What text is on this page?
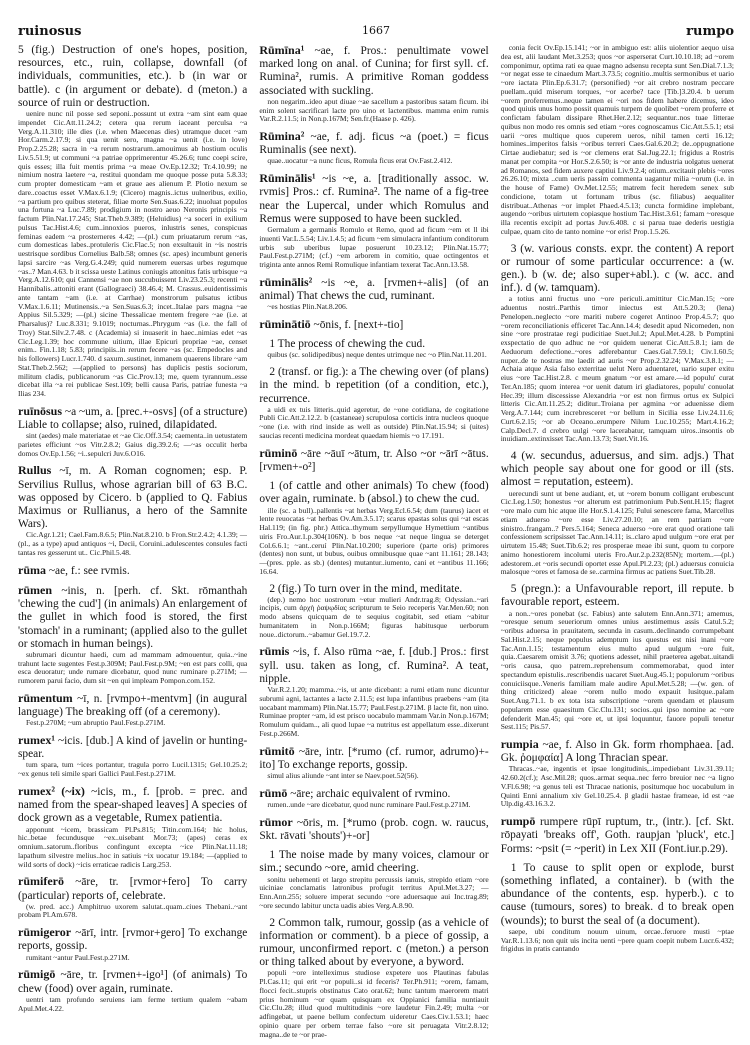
ruinosus	1667	rumpo

5 (fig.) Destruction of one's hopes, position, resources, etc., ruin, collapse, downfall (of individuals, communities, etc.). b (in war or battle). c (in argument or debate). d (meton.) a source of ruin or destruction.

uenire nunc nil posse sed seponi..possunt ut extra ~am sint eam quae impendet Cic.Att.11.24.2; cetera qua rerum iaceant perculsa ~a Verg.A.11.310; ille dies (i.e. when Maecenas dies) utramque ducet ~am Hor.Carm.2.17.9; si qua uenit sero, magna ~a uenit (i.e. in love) Prop.2.25.28; sacra in ~a rerum nostrarum..amouimus ab hostium oculis Liv.5.51.9; ut communi ~a patriae opprimerentur 45.26.6; tunc coepi scire, quis esses; illa fuit mentis prima ~a meae Ov.Ep.12.32; Tr.4.10.99; ne nimium nostra laetere ~a, restitui quondam me quoque posse puta 5.8.33; cum propter domesticam ~am et graue aes alienum P. Plotio nexum se dare..coactus esset V.Max.6.1.9; (Cicero) magnis..ictus uulneribus, exilio, ~a partium pro quibus steterat, filiae morte Sen.Suas.6.22; inuoluat populos una fortuna ~a Luc.7.89; prodigium in nostro aeuo Neronis principis ~a factum Plin.Nat.17.245; Stat.Theb.9.389; (Heluidius) ~a soceri in exilium pulsus Tac.Hist.4.6; cum..innoxios pueros, inlustris senes, conspicuas feminas eadem ~a prosterneres 4.42; —(pl.) cum priuatarum rerum ~as, cum domesticas labes..protuleris Cic.Flac.5; non exsultauit in ~is nostris uestrisque sordibus Cornelius Balb.58; omnes (sc. apes) incumbunt generis lapsi sarcire ~as Verg.G.4.249; quid numerem euersas urbes regumque ~as..? Man.4.63. b it scissa ueste Latinus coniugis attonitus fatis urbisque ~a Verg.A.12.610; qui Cannensi ~ae non succubuissent Liv.23.25.3; recenti ~a Hannibalis..attoniti erant (Gallograeci) 38.46.4; M. Crassus..euidentissimis ante tantam ~am (i.e. at Carrhae) monstrorum pulsatus ictibus V.Max.1.6.11; Mutinensis..~a Sen.Suas.6.3; incet..Italae pars magna ~ae Appius Sil.5.329; —(pl.) sicine Thessalicae mentem fregere ~ae (i.e. at Pharsalus)? Luc.8.331; 9.1019; nocturnas..Phrygum ~as (i.e. the fall of Troy) Stat.Silv.2.7.48. c (Academia) si inuaserit in haec..nimias edet ~as Cic.Leg.1.39; hoc commune uitium, illae Epicuri propriae ~ae, censet enim.. Fin.1.18; 5.83; principiis..in rerum fecere ~as (sc. Empedocles and his followers) Lucr.1.740. d saxum..sustinet, inmanem quaerens librare ~am Stat.Theb.2.562; —(applied to persons) has duplicis pestis sociorum, militum cladis, publicanorum ~as Cic.Prov.13; me, quem tyrannum..esse dicebat illa ~a rei publicae Sest.109; belli causa Paris, patriae funesta ~a Ilias 234.

ruīnōsus ~a ~um, a. [prec.+-osvs] (of a structure) Liable to collapse; also, ruined, dilapidated.

sint (aedes) male materiatae et ~ae Cic.Off.3.54; caementa..in uetustatem parietes efficiunt ~os Vitr.2.8.2; Gaius dig.39.2.6; —~as occulit herba domos Ov.Ep.1.56; ~i..sepulcri Juv.6.O16.

Rullus ~ī, m. A Roman cognomen; esp. P. Servilius Rullus, whose agrarian bill of 63 B.C. was opposed by Cicero. b (applied to Q. Fabius Maximus or Rullianus, a hero of the Samnite Wars).

Cic.Agr.1.21; Cael.Fam.8.6.5; Plin.Nat.8.210. b Fron.Str.2.4.2; 4.1.39; —(pl., as a type) apud antiquos ~i, Decii, Coruini..adulescentes consules facti tantas res gesserunt ut.. Cic.Phil.5.48.

rūma ~ae, f.: see rvmis.

rūmen ~inis, n. [perh. cf. Skt. rōmanthah 'chewing the cud'] (in animals) An enlargement of the gullet in which food is stored, the first 'stomach' in a ruminant; (applied also to the gullet or stomach in human beings).

subrumari dicuntur haedi, cum ad mammam admouentur, quia..~ine trahunt lacte sugentes Fest.p.309M; Paul.Fest.p.9M; ~en est pars colli, qua esca deuoratur; unde rumare dicebatur, quod nunc ruminare p.271M; —rumorem parui facio, dum sit ~en qui impleam Pompon.com.152.

rūmentum ~ī, n. [rvmpo+-mentvm] (in augural language) The breaking off (of a ceremony).

Fest.p.270M; ~um abruptio Paul.Fest.p.271M.

rumex¹ ~icis. [dub.] A kind of javelin or hunting-spear.

tum spara, tum ~ices portantur, tragula porro Lucil.1315; Gel.10.25.2; ~ex genus teli simile spari Gallici Paul.Fest.p.271M.

rumex² (~ix) ~icis, m., f. [prob. = prec. and named from the spear-shaped leaves] A species of dock grown as a vegetable, Rumex patientia.

apponunt ~icem, brassicam Pl.Ps.815; Titin.com.164; hic holus, hic..betae fecundusque ~ex..uisebant Mor.73; (apes) ceras ex omnium..satorum..floribus confingunt excepta ~ice Plin.Nat.11.18; lapathum silvestre melius..hoc in satiuis ~ix uocatur 19.184; —(applied to wild sorts of dock) ~icis erraticae radicis Larg.253.

rūmiferō ~āre, tr. [rvmor+fero] To carry (particular) reports of, celebrate.

(w. pred. acc.) Amphitruo uxorem salutat..quam..ciues Thebani..~ant probam Pl.Am.678.

rūmigeror ~ārī, intr. [rvmor+gero] To exchange reports, gossip.

rumitant ~antur Paul.Fest.p.271M.

rūmigō ~āre, tr. [rvmen+-igo¹] (of animals) To chew (food) over again, ruminate.

uentri tam profundo seruiens iam ferme tertium qualem ~abam Apul.Met.4.22.

Rūmīna¹ ~ae, f. Pros.: penultimate vowel marked long on anal. of Cunina; for first syll. cf. Rumina², rumis. A primitive Roman goddess associated with suckling.

non negarim..ideo aput diuae ~ae sacellum a pastoribus satam ficum. ibi enim solent sacrificari lacte pro uino et lactentibus. mamma enim rumis Var.R.2.11.5; in Non.p.167M; Sen.fr.(Haase p. 426).

Rūmina² ~ae, f. adj. ficus ~a (poet.) = ficus Ruminalis (see next).

quae..uocatur ~a nunc ficus, Romula ficus erat Ov.Fast.2.412.

Rūminālis¹ ~is ~e, a. [traditionally assoc. w. rvmis] Pros.: cf. Rumina². The name of a fig-tree near the Lupercal, under which Romulus and Remus were supposed to have been suckled.

Germalum a germanis Romulo et Remo, quod ad ficum ~em et ll ibi inuenti Var.L.5.54; Liv.1.4.5; ad ficum ~em simulacra infantium conditorum urbis sub uberibus lupae posuerunt 10.23.12; Plin.Nat.15.77; Paul.Fest.p.271M; (cf.) ~em arborem in comitio, quae octingentos et triginta ante annos Remi Romulique infantiam texerat Tac.Ann.13.58.

rūminālis² ~is ~e, a. [rvmen+-alis] (of an animal) That chews the cud, ruminant.

~es hostias Plin.Nat.8.206.

rūminātiō ~ōnis, f. [next+-tio]

1 The process of chewing the cud.

quibus (sc. solidipedibus) neque dentes utrimque nec ~o Plin.Nat.11.201.

2 (transf. or fig.): a The chewing over (of plans) in the mind. b repetition (of a condition, etc.), recurrence.

a uidi ex tuis litteris..quid ageretur, de ~one cotidiana, de cogitatione Publi Cic.Att.2.12.2. b (castaneae) scrupulosa corticis intra nucleos quoque ~one (i.e. with rind inside as well as outside) Plin.Nat.15.94; si (uites) saucias recenti medicina mordeat quaedam hiemis ~o 17.191.

rūminō ~āre ~āuī ~ātum, tr. Also ~or ~ārī ~ātus. [rvmen+-o²]

1 (of cattle and other animals) To chew (food) over again, ruminate. b (absol.) to chew the cud.

ille (sc. a bull)..pallentis ~at herbas Verg.Ecl.6.54; dum (taurus) iacet et lente reuocatas ~at herbas Ov.Am.3.5.17; scarus epastas solus qui ~at escas Hal.119; (in fig. phr.) Attica..thymum serpyllumque Hymettium ~antibus uiris Fro.Aur.1.p.304(106N). b bos neque ~at neque lingua se deterget Col.6.6.1; ~ant..ceruí Plin.Nat.10.200; superiore (parte oris) primores (dentes) non sunt, ut bubus, ouibus omnibusque quae ~ant 11.161; 28.143; —(pres. pple. as sb.) (dentes) mutantur..iumento, cani et ~antibus 11.166; 16.64.

2 (fig.) To turn over in the mind, meditate.

(dep.) nemo hoc uostrorum ~etur mulieri Andr.trag.8; Odyssian..~ari incipis, cum ἀρχὴ ῥαψῳδίας scripturum te Seio receperis Var.Men.60; non modo absens quicquam de te sequius cogitabit, sed etiam ~abitur humanitatem in Non.p.166M; figuras habitusque uerborum noue..dictorum..~abamur Gel.19.7.2.

rūmis ~is, f. Also rūma ~ae, f. [dub.] Pros.: first syll. usu. taken as long, cf. Rumina². A teat, nipple.

Var.R.2.1.20; mamma..~is, ut ante dicebant: a rumi etiam nunc dicuntur subrumi agni, lactantes a lacte 2.11.5; est lupa infantibus praebens ~am (ita uocabant mammam) Plin.Nat.15.77; Paul.Fest.p.271M. β lacte fit, non uino. Ruminae propter ~am, id est prisco uocabulo mammam Var.in Non.p.167M; Romulum quidam.., ali quod lupae ~a nutritus est appellatum esse..dixerunt Fest.p.266M.

rūmitō ~āre, intr. [*rumo (cf. rumor, adrumo)+-ito] To exchange reports, gossip.

simul alius aliunde ~ant inter se Naev.poet.52(56).

rūmō ~āre; archaic equivalent of rvmino.

rumen..unde ~are dicebatur, quod nunc ruminare Paul.Fest.p.271M.

rūmor ~ōris, m. [*rumo (prob. cogn. w. raucus, Skt. rāvati 'shouts')+-or]

1 The noise made by many voices, clamour or sim.; secundo ~ore, amid cheering.

sonitu uehementi et largo strepitu percussis ianuis, strepido etiam ~ore uiciniae conclamatis latronibus profugit territus Apul.Met.3.27; —Enn.Ann.255; soluere imperat secundo ~ore aduersaque aui Inc.trag.89; ~ore secundo labitur uncta uadis abies Verg.A.8.90.

2 Common talk, rumour, gossip (as a vehicle of information or comment). b a piece of gossip, a rumour, unconfirmed report. c (meton.) a person or thing talked about by everyone, a byword.

populi ~ore intelleximus studiose expetere uos Plautinas fabulas Pl.Cas.11; qui erit ~or populi..si id feceris? Ter.Ph.911; ~orem, famam, flocci fecit..stupris obstinatus Cato orat.62; hunc tantum maerorem matri prius hominum ~or quam quisquam ex Oppianici familia nuntiauit Cic.Clu.28; illud quod multitudinis ~ore laudetur Fin.2.49; multa ~or adfingebat, ut paene bellum confectum uideretur Caes.Civ.1.53.1; haec opinio quare per orbem terrae falso ~ore sit peruagata Vitr.2.8.12; magna..de te ~or prae-

conia fecit Ov.Ep.15.141; ~or in ambiguo est: aliis uiolentior aequo uisa dea est, alii laudant Met.3.253; quos ~or asperserat Curt.10.10.18; ad ~orem componimur, optima rati ea quae magno adsensu recepta sunt Sen.Dial.7.1.3; ~or negat esse te cinaedum Mart.3.73.5; cognitio..multis sermonibus et uario ~ore iactata Plin.Ep.6.31.7; (personified) ~or ait crebro nostram peccare puellam..quid miserum torques, ~or acerbe? tace [Tib.]3.20.4. b uerum ~orem proferremus..neque tamen ei ~ori nos fidem habere dicemus, ideo quod quiuis unus homo possit quamuis turpem de quolibet ~orem proferre et confictam fabulam dissipare Rhet.Her.2.12; sequantur..nos tuae litterae quibus non modo res omnis sed etiam ~ores cognoscamus Cic.Att.5.5.1; etsi uarii ~ores multique quos cuperem ueros, nihil tamen certi 16.12; homines..imperitos falsis ~oribus terreri Caes.Gal.6.20.2; de..oppugnatione Cirtae audiebatur; sed is ~or clemens erat Sal.Jug.22.1; frigidus a Rostris manat per compita ~or Hor.S.2.6.50; is ~or ante de industria uolgatus uenerat ad Romanos, sed fidem auxere captiui Liv.9.2.4; otium..excitauit plebis ~ores 26.26.10; mixta ..cum ueris passim commenta uagantur milia ~orum (i.e. in the house of Fame) Ov.Met.12.55; matrem fecit heredem senex sub condicione, totam ut fortunam tribus (sc. filiabus) aequaliter distribuat..Athenas ~or implet Phaed.4.5.13; cuncta formidine implebant, augendo ~oribus uirtutem copiasque hostium Tac.Hist.3.61; famam ~oresque illa recentis excipit ad portas Juv.6.408. c si parua tuae dederis uestigia culpae, quam cito de tanto nomine ~or eris! Prop.1.5.26.

3 (w. various consts. expr. the content) A report or rumour of some particular occurrence: a (w. gen.). b (w. de; also super+abl.). c (w. acc. and inf.). d (w. tamquam).

a totius anni fructus uno ~ore periculi..amittitur Cic.Man.15; ~ore aduentus nostri..Parthis timor iniectus est Att.5.20.3; (lena) Penelopen..neglecto ~ore mariti nubere cogeret Antinoo Prop.4.5.7; quo ~orem reconciliationis efficeret Tac.Ann.14.4; desedit apud Nicomeden, non sine ~ore prostratae regi pudicitiae Suet.Jul.2; Apul.Met.4.28. b Pomptini exspectatio de quo adhuc ne ~or quidem uenerat Cic.Att.5.8.1; iam de Aeduorum defectione..~ores adferebantur Caes.Gal.7.59.1; Civ.1.60.5; nuper..de te nostras me laedit ad auris ~or Prop.2.32.24; V.Max.3.8.1; —Achaia atque Asia falso exterritae uelut Nero aduentaret, uario super exitu eius ~ore Tac.Hist.2.8. c meum gnatum ~or est amare.—id populu' curat Ter.An.185; quom interea ~or uenit datum iri gladiatores, populu' conuolat Hec.39; illum discessisse Alexandria ~or est non firmus ortus ex Sulpici litteris Cic.Att.11.25.2; diditur..Troiana per agmina ~or aduenisse diem Verg.A.7.144; cum increbresceret ~or bellum in Sicilia esse Liv.24.11.6; Curt.6.2.15; ~or ab Oceano..erumpere Nilum Luc.10.255; Mart.4.16.2; Calp.Decl.7. d crebro uulgi ~ore lacerabatur, tamquam uiros..insontis ob inuidiam..extinxisset Tac.Ann.13.73; Suet.Vit.16.

4 (w. secundus, aduersus, and sim. adjs.) That which people say about one for good or ill (sts. almost = reputation, esteem).

uerecundi sunt ut bene audiant, et, ut ~orem bonum colligant erubescunt Cic.Leg.1.50; honestus ~or alterum est patrimonium Pub.Sent.H.15; flagret ~ore malo cum hic atque ille Hor.S.1.4.125; Fului senescere fama, Marcellus etiam aduerso ~ore esse Liv.27.20.10; an rem patriam ~ore sinistro..frangam..? Pers.5.164; Seneca aduerso ~ore erat quod oratione tali confessionem scripsisset Tac.Ann.14.11; is..claro apud uulgum ~ore erat per uirtutem 15.48; Suet.Tib.6.2; res prosperae meae ibi sunt, quom tu corpore animo honestiorem incolumi uteris Fro.Aur.2.p.232(85N); mortem..—(pl.) adestorem..et ~oris secundi oportet esse Apul.Pl.2.23; (pl.) aduersus conuicia malosque ~ores et famosa de se..carmina firmus ac patiens Suet.Tib.28.

5 (pregn.): a Unfavourable report, ill repute. b favourable report, esteem.

a non..~ores ponebat (sc. Fabius) ante salutem Enn.Ann.371; amemus, ~oresque senum seueriorum omnes unius aestimemus assis Catul.5.2; ~oribus aduersa in prauitatem, secunda in casum..declinando corrumpebant Sal.Hist.2.15; neque populus ademptum ius questus est nisi inani ~ore Tac.Ann.1.15; testamentum eius multo apud uulgum ~ore fuit, quia..Caesarem omisit 3.76; quotiens adesset, nihil praeterea agebat..uitandi ~oris causa, quo patrem..reprehensum commemorabat, quod inter spectandum epistulis..rescribendis uacaret Suet.Aug.45.1; populorum ~oribus conuiciisque..Veneris familiam male audire Apul.Met.5.28; —(w. gen. of thing criticized) aleae ~orem nullo modo expauit lusitque..palam Suet.Aug.71.1. b ex tota ista subscriptione ~orem quendam et plausum popularem esse quaesitum Cic.Clu.131; socios..qui ipso nomine ac ~ore defenderit Man.45; qui ~ore et, ut ipsi loquuntur, fauore populi tenetur Sest.115; Pis.57.

rumpia ~ae, f. Also in Gk. form rhomphaea. [ad. Gk. ῥομφαία] A long Thracian spear.

Thracas..~ae, ingentis et ipsae longitudinis,..impediebant Liv.31.39.11; 42.60.2(cf.); Asc.Mil.28; quos..armat sequa..nec ferro breuior nec ~a ligno V.Fl.6.98; ~a genus teli est Thracae nationis, positumque hoc uocabulum in Quinti Enni annalium xiv Gel.10.25.4. β gladii hastae frameae, id est ~ae Ulp.dig.43.16.3.2.

rumpō rumpere rūpī ruptum, tr., (intr.). [cf. Skt. rōpayati 'breaks off', Goth. raupjan 'pluck', etc.] Forms: ~psit (= ~perit) in Lex XII (Font.iur.p.29).

1 To cause to split open or explode, burst (something inflated, a container). b (with the abundance of the contents, esp. hyperb.). c to cause (tumours, sores) to break. d to break open (wounds); to burst the seal of (a document).

saepe, ubi conditum nouum uinum, orcae..feruore musti ~ptae Var.R.1.13.6; non quit uis incita uenti ~pere quam coepit nubem Lucr.6.432; frigidus in pratis cantando
